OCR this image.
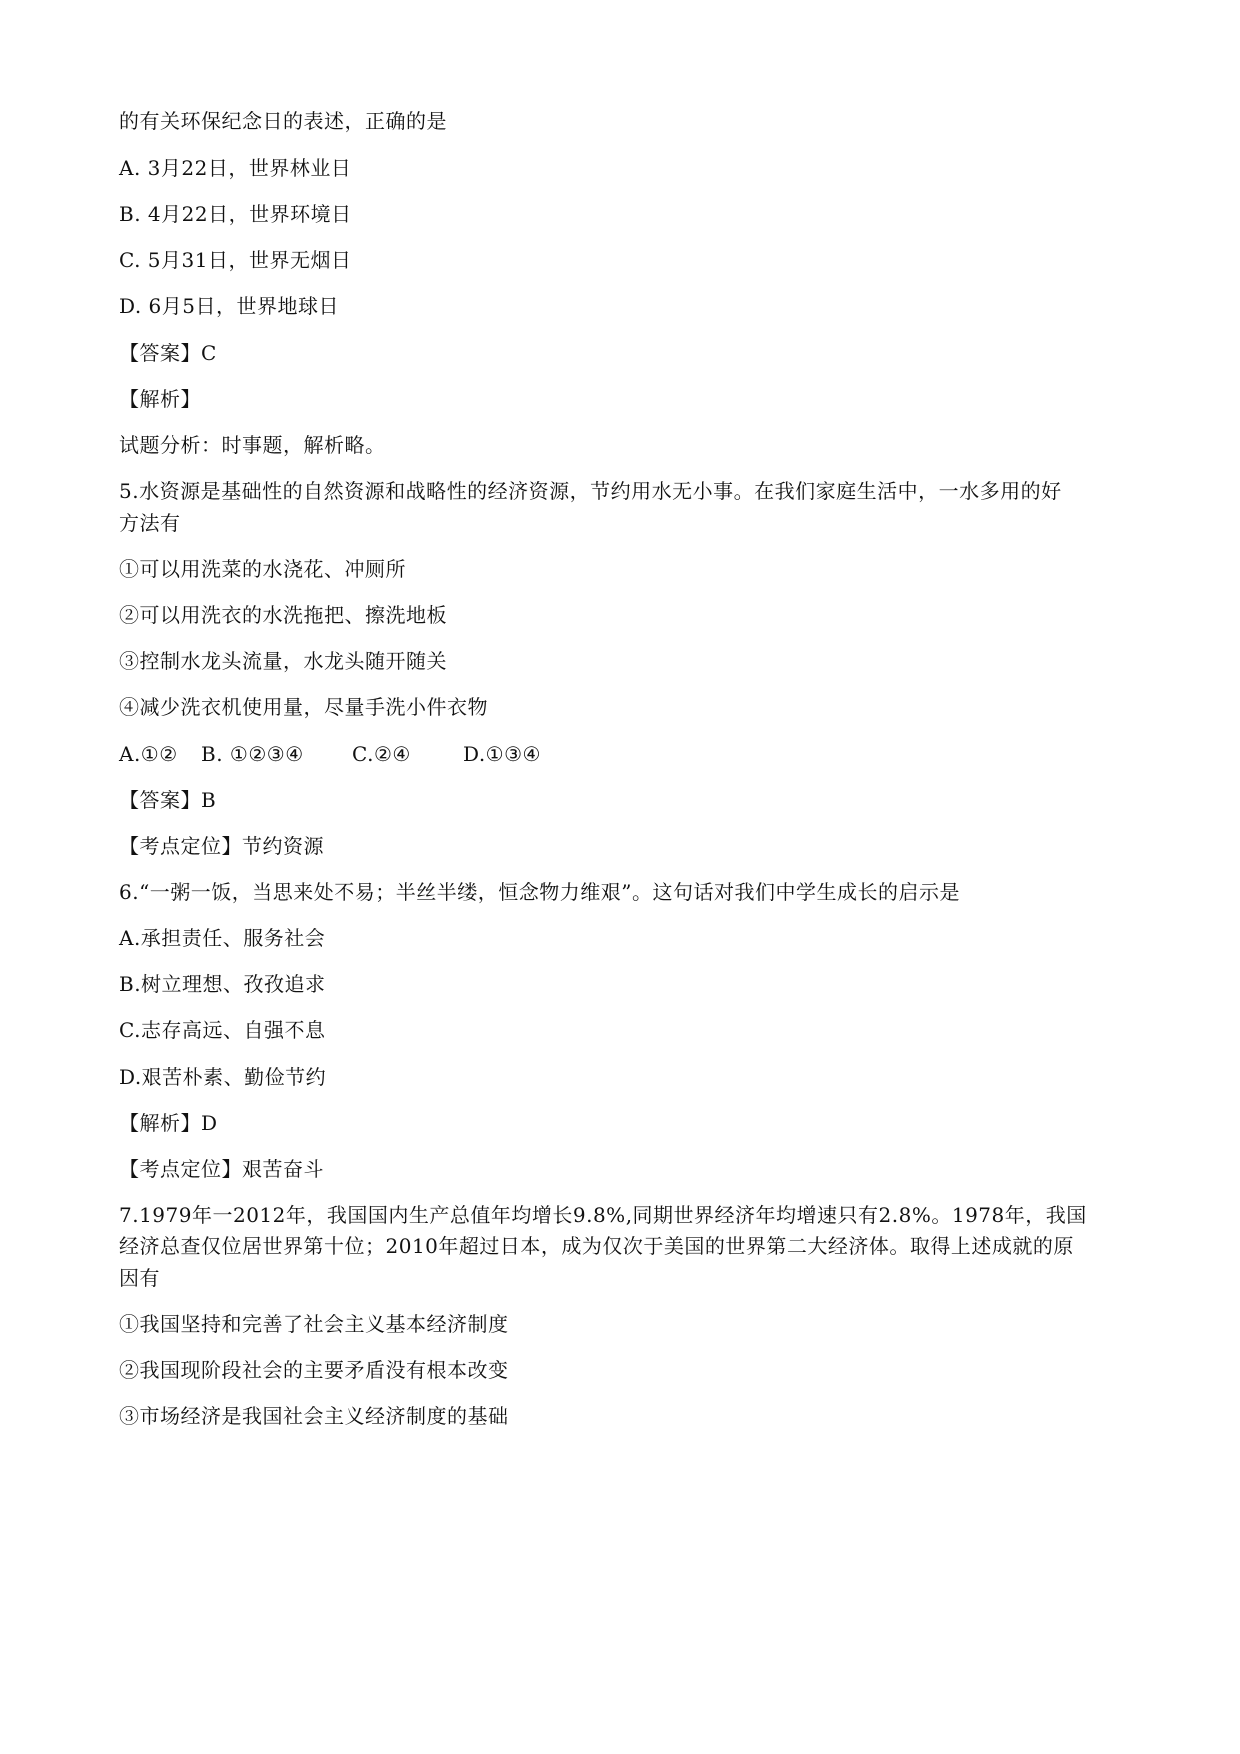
的有关环保纪念日的表述，正确的是
A. 3月22日，世界林业日
B. 4月22日，世界环境日
C. 5月31日，世界无烟日
D. 6月5日，世界地球日
【答案】C
【解析】
试题分析：时事题，解析略。
5.水资源是基础性的自然资源和战略性的经济资源，节约用水无小事。在我们家庭生活中，一水多用的好
方法有
①可以用洗菜的水浇花、冲厕所
②可以用洗衣的水洗拖把、擦洗地板
③控制水龙头流量，水龙头随开随关
④减少洗衣机使用量，尽量手洗小件衣物
A.①② B. ①②③④ C.②④	D.①③④
【答案】B
【考点定位】节约资源
6.“一粥一饭，当思来处不易；半丝半缕，恒念物力维艰”。这句话对我们中学生成长的启示是
A.承担责任、服务社会
B.树立理想、孜孜追求
C.志存高远、自强不息
D.艰苦朴素、勤俭节约
【解析】D
【考点定位】艰苦奋斗
7.1979年一2012年，我国国内生产总值年均增长9.8%,同期世界经济年均增速只有2.8%。1978年，我国
经济总查仅位居世界第十位；2010年超过日本，成为仅次于美国的世界第二大经济体。取得上述成就的原
因有
①我国坚持和完善了社会主义基本经济制度
②我国现阶段社会的主要矛盾没有根本改变
③市场经济是我国社会主义经济制度的基础
